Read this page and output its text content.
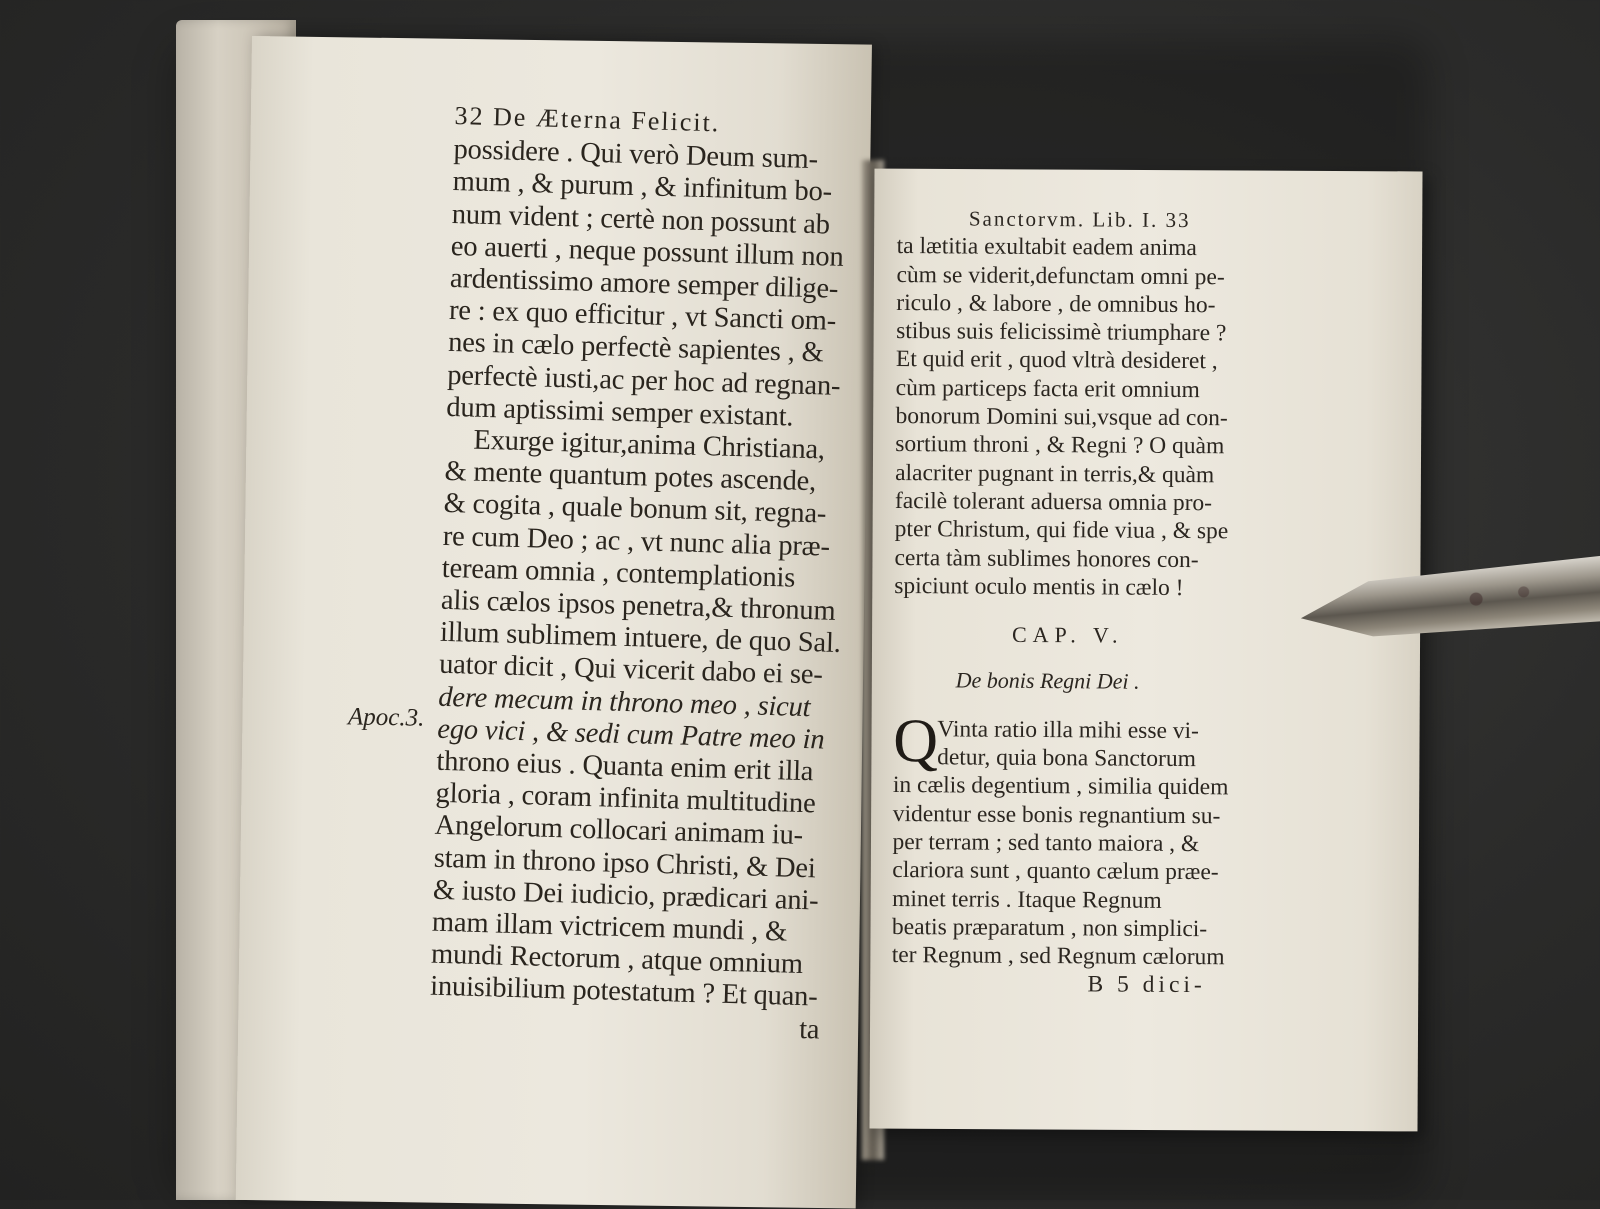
Apoc.3.
32 De Æterna Felicit.
possidere . Qui verò Deum sum-
mum , & purum , & infinitum bo-
num vident ; certè non possunt ab
eo auerti , neque possunt illum non
ardentissimo amore semper dilige-
re : ex quo efficitur , vt Sancti om-
nes in cælo perfectè sapientes , &
perfectè iusti,ac per hoc ad regnan-
dum aptissimi semper existant.
Exurge igitur,anima Christiana,
& mente quantum potes ascende,
& cogita , quale bonum sit, regna-
re cum Deo ; ac , vt nunc alia præ-
teream omnia , contemplationis
alis cælos ipsos penetra,& thronum
illum sublimem intuere, de quo Sal.
uator dicit , Qui vicerit dabo ei se-
dere mecum in throno meo , sicut
ego vici , & sedi cum Patre meo in
throno eius . Quanta enim erit illa
gloria , coram infinita multitudine
Angelorum collocari animam iu-
stam in throno ipso Christi, & Dei
& iusto Dei iudicio, prædicari ani-
mam illam victricem mundi , &
mundi Rectorum , atque omnium
inuisibilium potestatum ? Et quan-
ta
Sanctorvm. Lib. I. 33
ta lætitia exultabit eadem anima
cùm se viderit,defunctam omni pe-
riculo , & labore , de omnibus ho-
stibus suis felicissimè triumphare ?
Et quid erit , quod vltrà desideret ,
cùm particeps facta erit omnium
bonorum Domini sui,vsque ad con-
sortium throni , & Regni ? O quàm
alacriter pugnant in terris,& quàm
facilè tolerant aduersa omnia pro-
pter Christum, qui fide viua , & spe
certa tàm sublimes honores con-
spiciunt oculo mentis in cælo !
CAP. V.
De bonis Regni Dei .
Q
Vinta ratio illa mihi esse vi-
detur, quia bona Sanctorum
in cælis degentium , similia quidem
videntur esse bonis regnantium su-
per terram ; sed tanto maiora , &
clariora sunt , quanto cælum præe-
minet terris . Itaque Regnum
beatis præparatum , non simplici-
ter Regnum , sed Regnum cælorum
B 5 dici-
